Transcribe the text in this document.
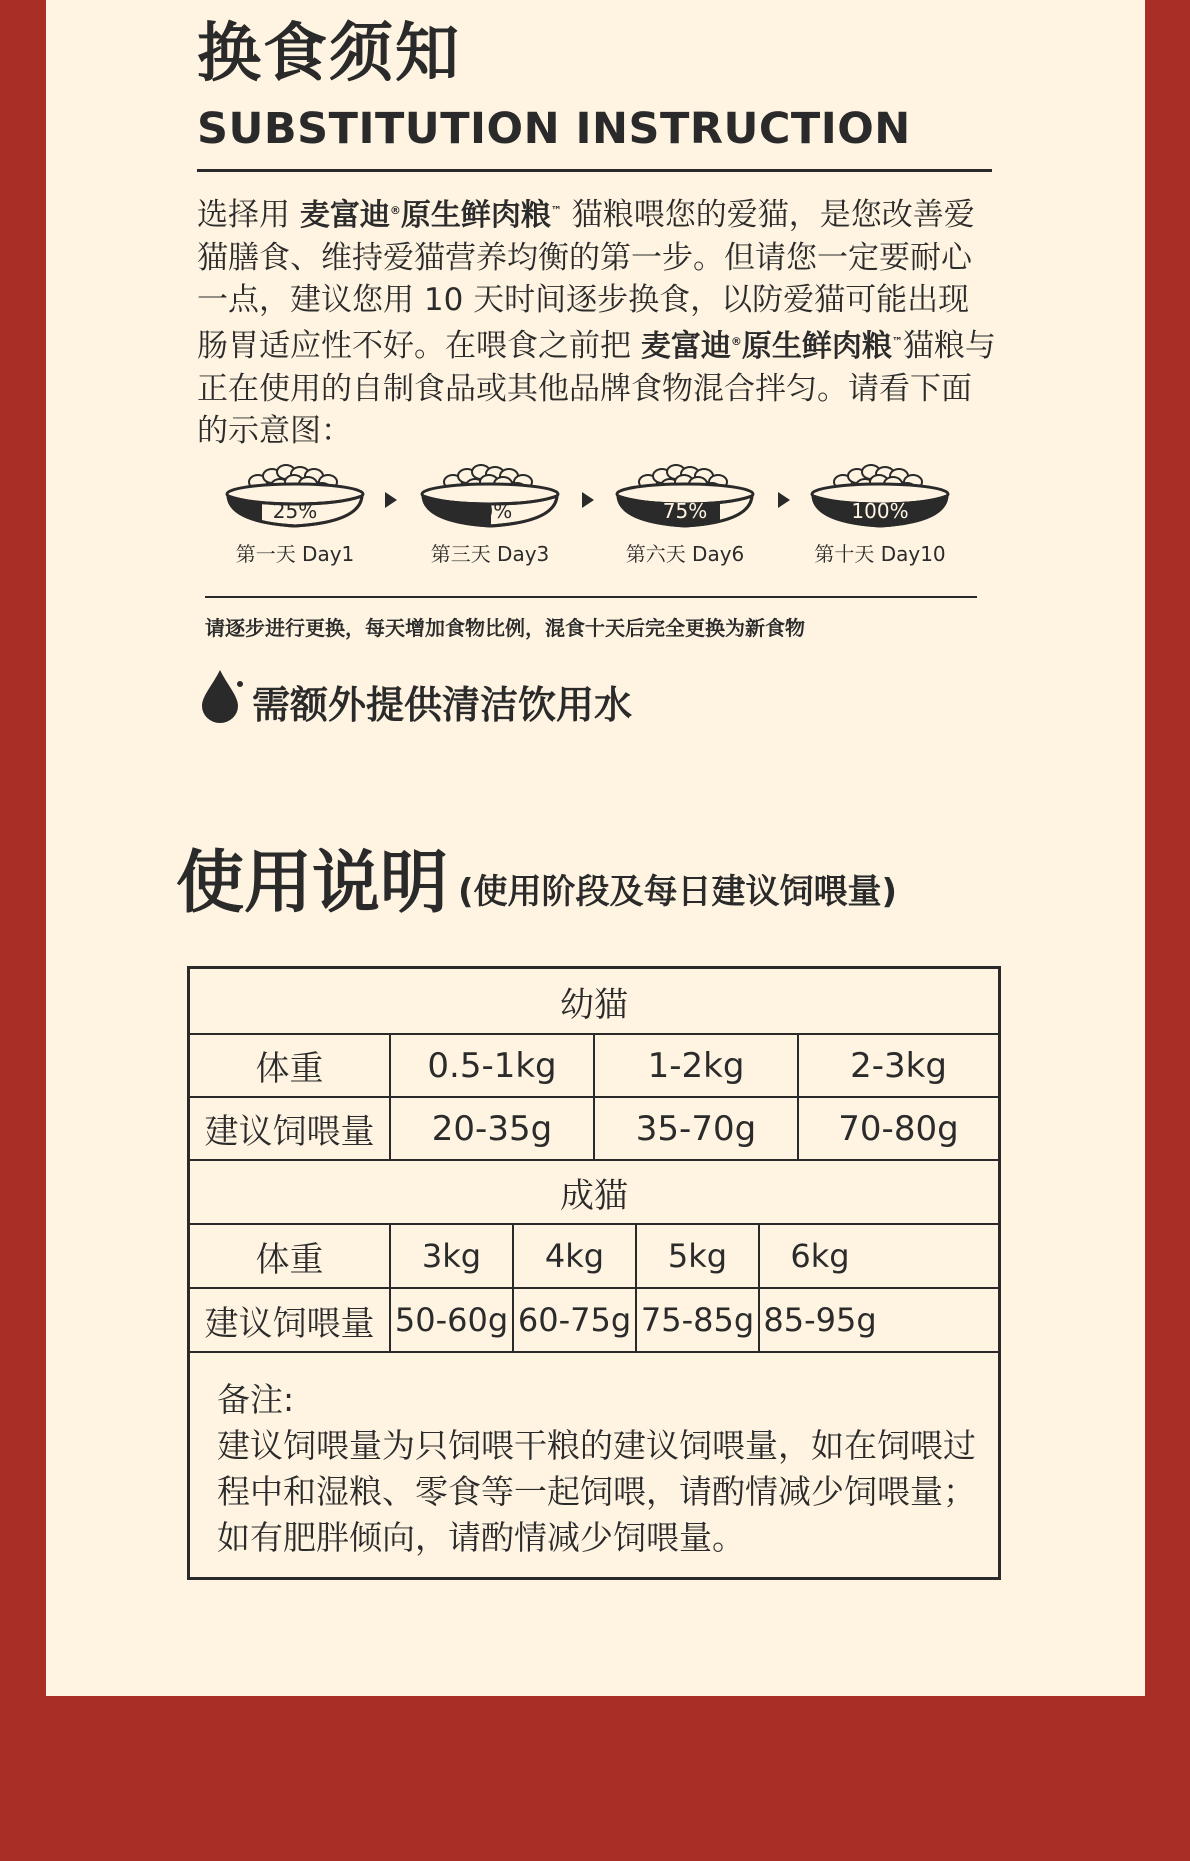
换食须知
SUBSTITUTION INSTRUCTION
选择用 麦富迪®原生鲜肉粮™ 猫粮喂您的爱猫，是您改善爱猫膳食、维持爱猫营养均衡的第一步。但请您一定要耐心一点，建议您用 10 天时间逐步换食，以防爱猫可能出现肠胃适应性不好。在喂食之前把 麦富迪®原生鲜肉粮™猫粮与正在使用的自制食品或其他品牌食物混合拌匀。请看下面的示意图：
25%
第一天 Day1
50%
第三天 Day3
75%
第六天 Day6
100%
第十天 Day10
请逐步进行更换，每天增加食物比例，混食十天后完全更换为新食物
需额外提供清洁饮用水
使用说明 (使用阶段及每日建议饲喂量)
幼猫
体重	0.5-1kg	1-2kg	2-3kg
建议饲喂量	20-35g	35-70g	70-80g
成猫
体重	3kg	4kg	5kg	6kg
建议饲喂量 50-60g 60-75g 75-85g 85-95g
备注:
建议饲喂量为只饲喂干粮的建议饲喂量，如在饲喂过程中和湿粮、零食等一起饲喂，请酌情减少饲喂量；如有肥胖倾向，请酌情减少饲喂量。
